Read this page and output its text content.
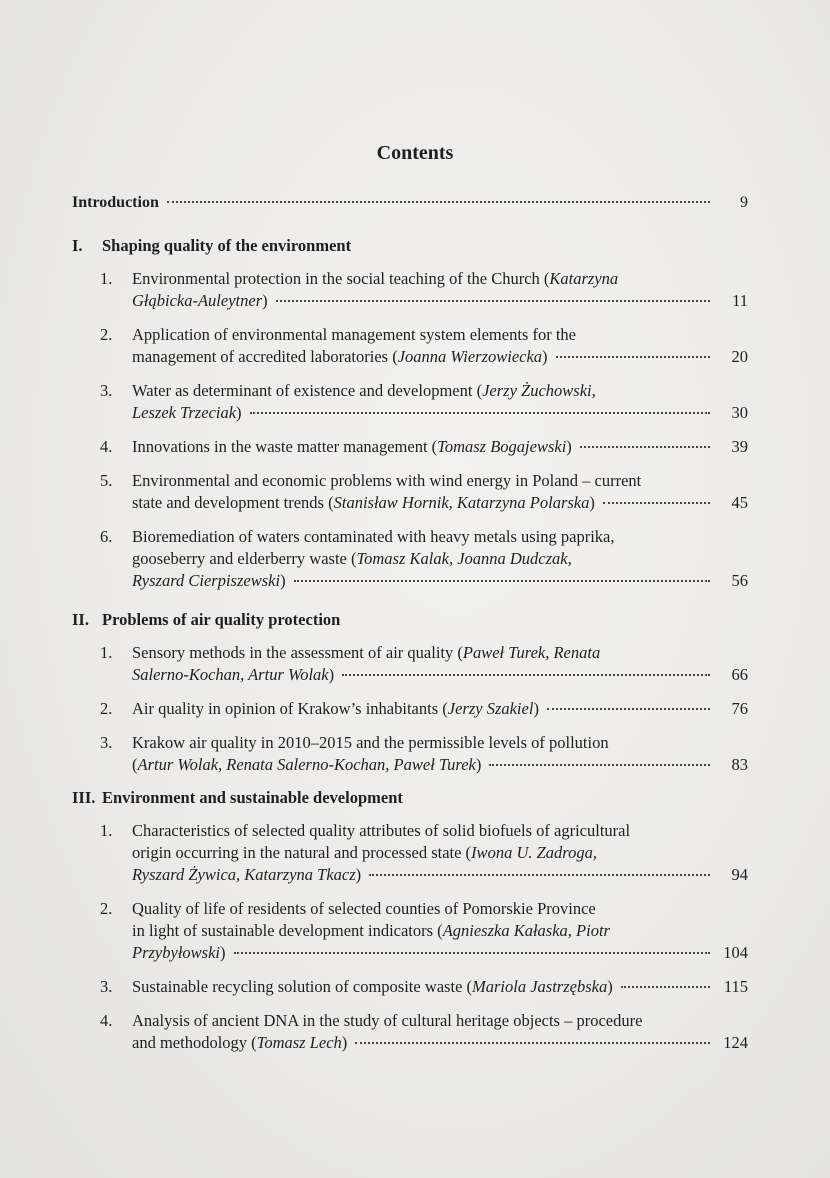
Contents
Introduction	9
I.	Shaping quality of the environment
1.	Environmental protection in the social teaching of the Church (Katarzyna
Głąbicka-Auleytner)	11
2.	Application of environmental management system elements for the
management of accredited laboratories (Joanna Wierzowiecka)	20
3.	Water as determinant of existence and development (Jerzy Żuchowski,
Leszek Trzeciak)	30
4.	Innovations in the waste matter management (Tomasz Bogajewski)	39
5.	Environmental and economic problems with wind energy in Poland – current
state and development trends (Stanisław Hornik, Katarzyna Polarska)	45
6.	Bioremediation of waters contaminated with heavy metals using paprika,
gooseberry and elderberry waste (Tomasz Kalak, Joanna Dudczak,
Ryszard Cierpiszewski)	56
II. Problems of air quality protection
1.	Sensory methods in the assessment of air quality (Paweł Turek, Renata
Salerno-Kochan, Artur Wolak)	66
2.	Air quality in opinion of Krakow’s inhabitants (Jerzy Szakiel)	76
3.	Krakow air quality in 2010–2015 and the permissible levels of pollution
(Artur Wolak, Renata Salerno-Kochan, Paweł Turek)	83
III. Environment and sustainable development
1.	Characteristics of selected quality attributes of solid biofuels of agricultural
origin occurring in the natural and processed state (Iwona U. Zadroga,
Ryszard Żywica, Katarzyna Tkacz)	94
2.	Quality of life of residents of selected counties of Pomorskie Province
in light of sustainable development indicators (Agnieszka Kałaska, Piotr
Przybyłowski)	104
3.	Sustainable recycling solution of composite waste (Mariola Jastrzębska)	115
4.	Analysis of ancient DNA in the study of cultural heritage objects – procedure
and methodology (Tomasz Lech)	124
